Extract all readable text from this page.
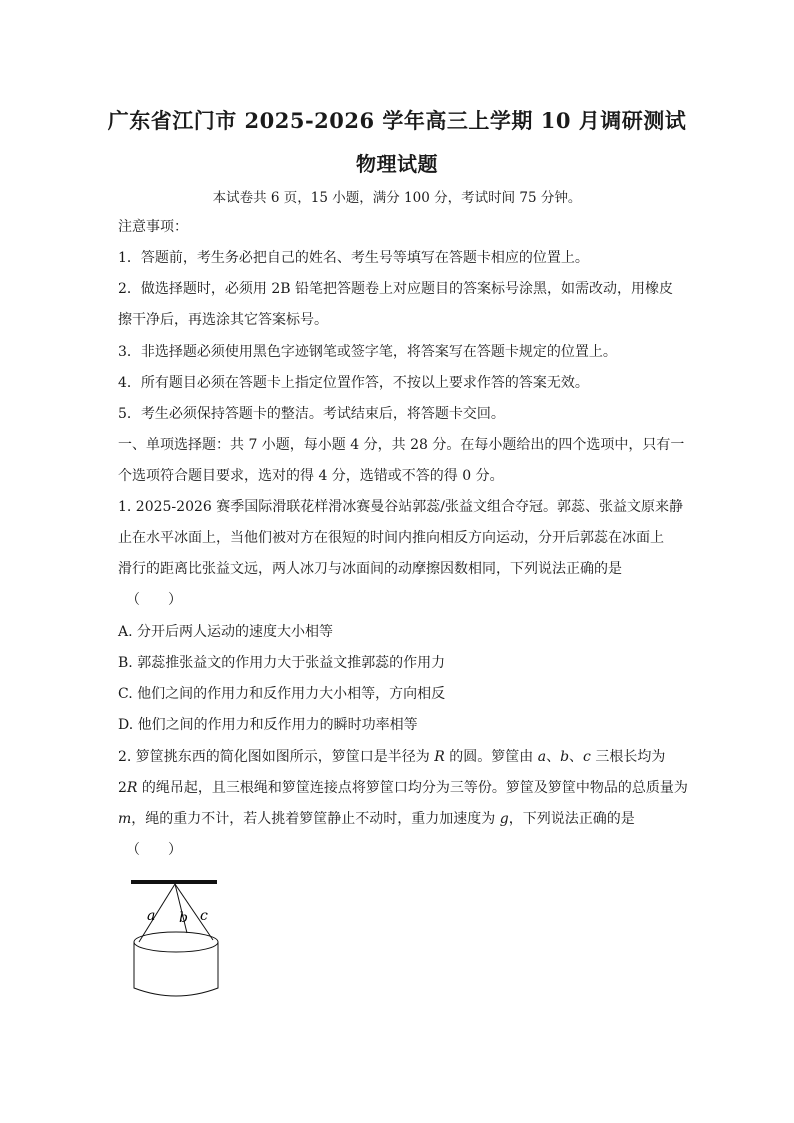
广东省江门市 2025-2026 学年高三上学期 10 月调研测试
物理试题
本试卷共 6 页，15 小题，满分 100 分，考试时间 75 分钟。
注意事项：
1．答题前，考生务必把自己的姓名、考生号等填写在答题卡相应的位置上。
2．做选择题时，必须用 2B 铅笔把答题卷上对应题目的答案标号涂黑，如需改动，用橡皮
擦干净后，再选涂其它答案标号。
3．非选择题必须使用黑色字迹钢笔或签字笔，将答案写在答题卡规定的位置上。
4．所有题目必须在答题卡上指定位置作答，不按以上要求作答的答案无效。
5．考生必须保持答题卡的整洁。考试结束后，将答题卡交回。
一、单项选择题：共 7 小题，每小题 4 分，共 28 分。在每小题给出的四个选项中，只有一
个选项符合题目要求，选对的得 4 分，选错或不答的得 0 分。
1. 2025-2026 赛季国际滑联花样滑冰赛曼谷站郭蕊/张益文组合夺冠。郭蕊、张益文原来静
止在水平冰面上，当他们被对方在很短的时间内推向相反方向运动，分开后郭蕊在冰面上
滑行的距离比张益文远，两人冰刀与冰面间的动摩擦因数相同，下列说法正确的是
（　　）
A. 分开后两人运动的速度大小相等
B. 郭蕊推张益文的作用力大于张益文推郭蕊的作用力
C. 他们之间的作用力和反作用力大小相等，方向相反
D. 他们之间的作用力和反作用力的瞬时功率相等
2. 箩筐挑东西的简化图如图所示，箩筐口是半径为 R 的圆。箩筐由 a、b、c 三根长均为
2R 的绳吊起，且三根绳和箩筐连接点将箩筐口均分为三等份。箩筐及箩筐中物品的总质量为
m，绳的重力不计，若人挑着箩筐静止不动时，重力加速度为 g，下列说法正确的是
（　　）
a b c
